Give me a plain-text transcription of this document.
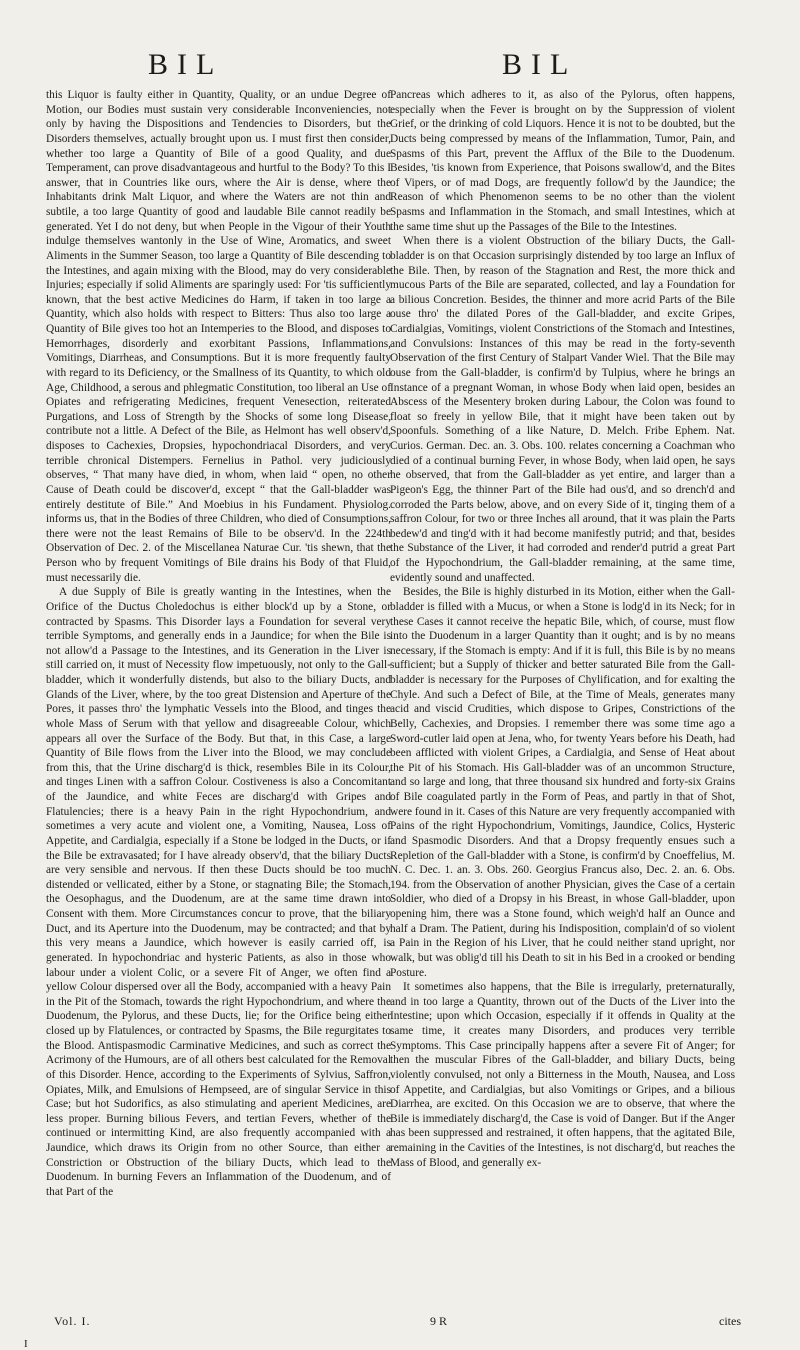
BIL	BIL

this Liquor is faulty either in Quantity, Quality, or an undue Degree of Motion, our Bodies must sustain very considerable Inconveniencies, not only by having the Dispositions and Tendencies to Disorders, but the Disorders themselves, actually brought upon us. I must first then consider, whether too large a Quantity of Bile of a good Quality, and due Temperament, can prove disadvantageous and hurtful to the Body? To this I answer, that in Countries like ours, where the Air is dense, where the Inhabitants drink Malt Liquor, and where the Waters are not thin and subtile, a too large Quantity of good and laudable Bile cannot readily be generated. Yet I do not deny, but when People in the Vigour of their Youth indulge themselves wantonly in the Use of Wine, Aromatics, and sweet Aliments in the Summer Season, too large a Quantity of Bile descending to the Intestines, and again mixing with the Blood, may do very considerable Injuries; especially if solid Aliments are sparingly used: For 'tis sufficiently known, that the best active Medicines do Harm, if taken in too large a Quantity, which also holds with respect to Bitters: Thus also too large a Quantity of Bile gives too hot an Intemperies to the Blood, and disposes to Hemorrhages, disorderly and exorbitant Passions, Inflammations, Vomitings, Diarrheas, and Consumptions. But it is more frequently faulty with regard to its Deficiency, or the Smallness of its Quantity, to which old Age, Childhood, a serous and phlegmatic Constitution, too liberal an Use of Opiates and refrigerating Medicines, frequent Venesection, reiterated Purgations, and Loss of Strength by the Shocks of some long Disease, contribute not a little. A Defect of the Bile, as Helmont has well observ'd, disposes to Cachexies, Dropsies, hypochondriacal Disorders, and very terrible chronical Distempers. Fernelius in Pathol. very judiciously observes, “ That many have died, in whom, when laid “ open, no other Cause of Death could be discover'd, except “ that the Gall-bladder was entirely destitute of Bile.” And Moebius in his Fundament. Physiolog. informs us, that in the Bodies of three Children, who died of Consumptions, there were not the least Remains of Bile to be observ'd. In the 224th Observation of Dec. 2. of the Miscellanea Naturae Cur. 'tis shewn, that the Person who by frequent Vomitings of Bile drains his Body of that Fluid, must necessarily die.

A due Supply of Bile is greatly wanting in the Intestines, when the Orifice of the Ductus Choledochus is either block'd up by a Stone, or contracted by Spasms. This Disorder lays a Foundation for several very terrible Symptoms, and generally ends in a Jaundice; for when the Bile is not allow'd a Passage to the Intestines, and its Generation in the Liver is still carried on, it must of Necessity flow impetuously, not only to the Gall-bladder, which it wonderfully distends, but also to the biliary Ducts, and Glands of the Liver, where, by the too great Distension and Aperture of the Pores, it passes thro' the lymphatic Vessels into the Blood, and tinges the whole Mass of Serum with that yellow and disagreeable Colour, which appears all over the Surface of the Body. But that, in this Case, a large Quantity of Bile flows from the Liver into the Blood, we may conclude from this, that the Urine discharg'd is thick, resembles Bile in its Colour, and tinges Linen with a saffron Colour. Costiveness is also a Concomitant of the Jaundice, and white Feces are discharg'd with Gripes and Flatulencies; there is a heavy Pain in the right Hypochondrium, and sometimes a very acute and violent one, a Vomiting, Nausea, Loss of Appetite, and Cardialgia, especially if a Stone be lodged in the Ducts, or if the Bile be extravasated; for I have already observ'd, that the biliary Ducts are very sensible and nervous. If then these Ducts should be too much distended or vellicated, either by a Stone, or stagnating Bile; the Stomach, the Oesophagus, and the Duodenum, are at the same time drawn into Consent with them. More Circumstances concur to prove, that the biliary Duct, and its Aperture into the Duodenum, may be contracted; and that by this very means a Jaundice, which however is easily carried off, is generated. In hypochondriac and hysteric Patients, as also in those who labour under a violent Colic, or a severe Fit of Anger, we often find a yellow Colour dispersed over all the Body, accompanied with a heavy Pain in the Pit of the Stomach, towards the right Hypochondrium, and where the Duodenum, the Pylorus, and these Ducts, lie; for the Orifice being either closed up by Flatulences, or contracted by Spasms, the Bile regurgitates to the Blood. Antispasmodic Carminative Medicines, and such as correct the Acrimony of the Humours, are of all others best calculated for the Removal of this Disorder. Hence, according to the Experiments of Sylvius, Saffron, Opiates, Milk, and Emulsions of Hempseed, are of singular Service in this Case; but hot Sudorifics, as also stimulating and aperient Medicines, are less proper. Burning bilious Fevers, and tertian Fevers, whether of the continued or intermitting Kind, are also frequently accompanied with a Jaundice, which draws its Origin from no other Source, than either a Constriction or Obstruction of the biliary Ducts, which lead to the Duodenum. In burning Fevers an Inflammation of the Duodenum, and of that Part of the

Pancreas which adheres to it, as also of the Pylorus, often happens, especially when the Fever is brought on by the Suppression of violent Grief, or the drinking of cold Liquors. Hence it is not to be doubted, but the Ducts being compressed by means of the Inflammation, Tumor, Pain, and Spasms of this Part, prevent the Afflux of the Bile to the Duodenum. Besides, 'tis known from Experience, that Poisons swallow'd, and the Bites of Vipers, or of mad Dogs, are frequently follow'd by the Jaundice; the Reason of which Phenomenon seems to be no other than the violent Spasms and Inflammation in the Stomach, and small Intestines, which at the same time shut up the Passages of the Bile to the Intestines.

When there is a violent Obstruction of the biliary Ducts, the Gall-bladder is on that Occasion surprisingly distended by too large an Influx of the Bile. Then, by reason of the Stagnation and Rest, the more thick and mucous Parts of the Bile are separated, collected, and lay a Foundation for a bilious Concretion. Besides, the thinner and more acrid Parts of the Bile ouse thro' the dilated Pores of the Gall-bladder, and excite Gripes, Cardialgias, Vomitings, violent Constrictions of the Stomach and Intestines, and Convulsions: Instances of this may be read in the forty-seventh Observation of the first Century of Stalpart Vander Wiel. That the Bile may ouse from the Gall-bladder, is confirm'd by Tulpius, where he brings an Instance of a pregnant Woman, in whose Body when laid open, besides an Abscess of the Mesentery broken during Labour, the Colon was found to float so freely in yellow Bile, that it might have been taken out by Spoonfuls. Something of a like Nature, D. Melch. Fribe Ephem. Nat. Curios. German. Dec. an. 3. Obs. 100. relates concerning a Coachman who died of a continual burning Fever, in whose Body, when laid open, he says he observed, that from the Gall-bladder as yet entire, and larger than a Pigeon's Egg, the thinner Part of the Bile had ous'd, and so drench'd and corroded the Parts below, above, and on every Side of it, tinging them of a saffron Colour, for two or three Inches all around, that it was plain the Parts bedew'd and ting'd with it had become manifestly putrid; and that, besides the Substance of the Liver, it had corroded and render'd putrid a great Part of the Hypochondrium, the Gall-bladder remaining, at the same time, evidently sound and unaffected.

Besides, the Bile is highly disturbed in its Motion, either when the Gall-bladder is filled with a Mucus, or when a Stone is lodg'd in its Neck; for in these Cases it cannot receive the hepatic Bile, which, of course, must flow into the Duodenum in a larger Quantity than it ought; and is by no means necessary, if the Stomach is empty: And if it is full, this Bile is by no means sufficient; but a Supply of thicker and better saturated Bile from the Gall-bladder is necessary for the Purposes of Chylification, and for exalting the Chyle. And such a Defect of Bile, at the Time of Meals, generates many acid and viscid Crudities, which dispose to Gripes, Constrictions of the Belly, Cachexies, and Dropsies. I remember there was some time ago a Sword-cutler laid open at Jena, who, for twenty Years before his Death, had been afflicted with violent Gripes, a Cardialgia, and Sense of Heat about the Pit of his Stomach. His Gall-bladder was of an uncommon Structure, and so large and long, that three thousand six hundred and forty-six Grains of Bile coagulated partly in the Form of Peas, and partly in that of Shot, were found in it. Cases of this Nature are very frequently accompanied with Pains of the right Hypochondrium, Vomitings, Jaundice, Colics, Hysteric and Spasmodic Disorders. And that a Dropsy frequently ensues such a Repletion of the Gall-bladder with a Stone, is confirm'd by Cnoeffelius, M. N. C. Dec. 1. an. 3. Obs. 260. Georgius Francus also, Dec. 2. an. 6. Obs. 194. from the Observation of another Physician, gives the Case of a certain Soldier, who died of a Dropsy in his Breast, in whose Gall-bladder, upon opening him, there was a Stone found, which weigh'd half an Ounce and half a Dram. The Patient, during his Indisposition, complain'd of so violent a Pain in the Region of his Liver, that he could neither stand upright, nor walk, but was oblig'd till his Death to sit in his Bed in a crooked or bending Posture.

It sometimes also happens, that the Bile is irregularly, preternaturally, and in too large a Quantity, thrown out of the Ducts of the Liver into the Intestine; upon which Occasion, especially if it offends in Quality at the same time, it creates many Disorders, and produces very terrible Symptoms. This Case principally happens after a severe Fit of Anger; for then the muscular Fibres of the Gall-bladder, and biliary Ducts, being violently convulsed, not only a Bitterness in the Mouth, Nausea, and Loss of Appetite, and Cardialgias, but also Vomitings or Gripes, and a bilious Diarrhea, are excited. On this Occasion we are to observe, that where the Bile is immediately discharg'd, the Case is void of Danger. But if the Anger has been suppressed and restrained, it often happens, that the agitated Bile, remaining in the Cavities of the Intestines, is not discharg'd, but reaches the Mass of Blood, and generally ex-

Vol. I.	9 R	cites
I
